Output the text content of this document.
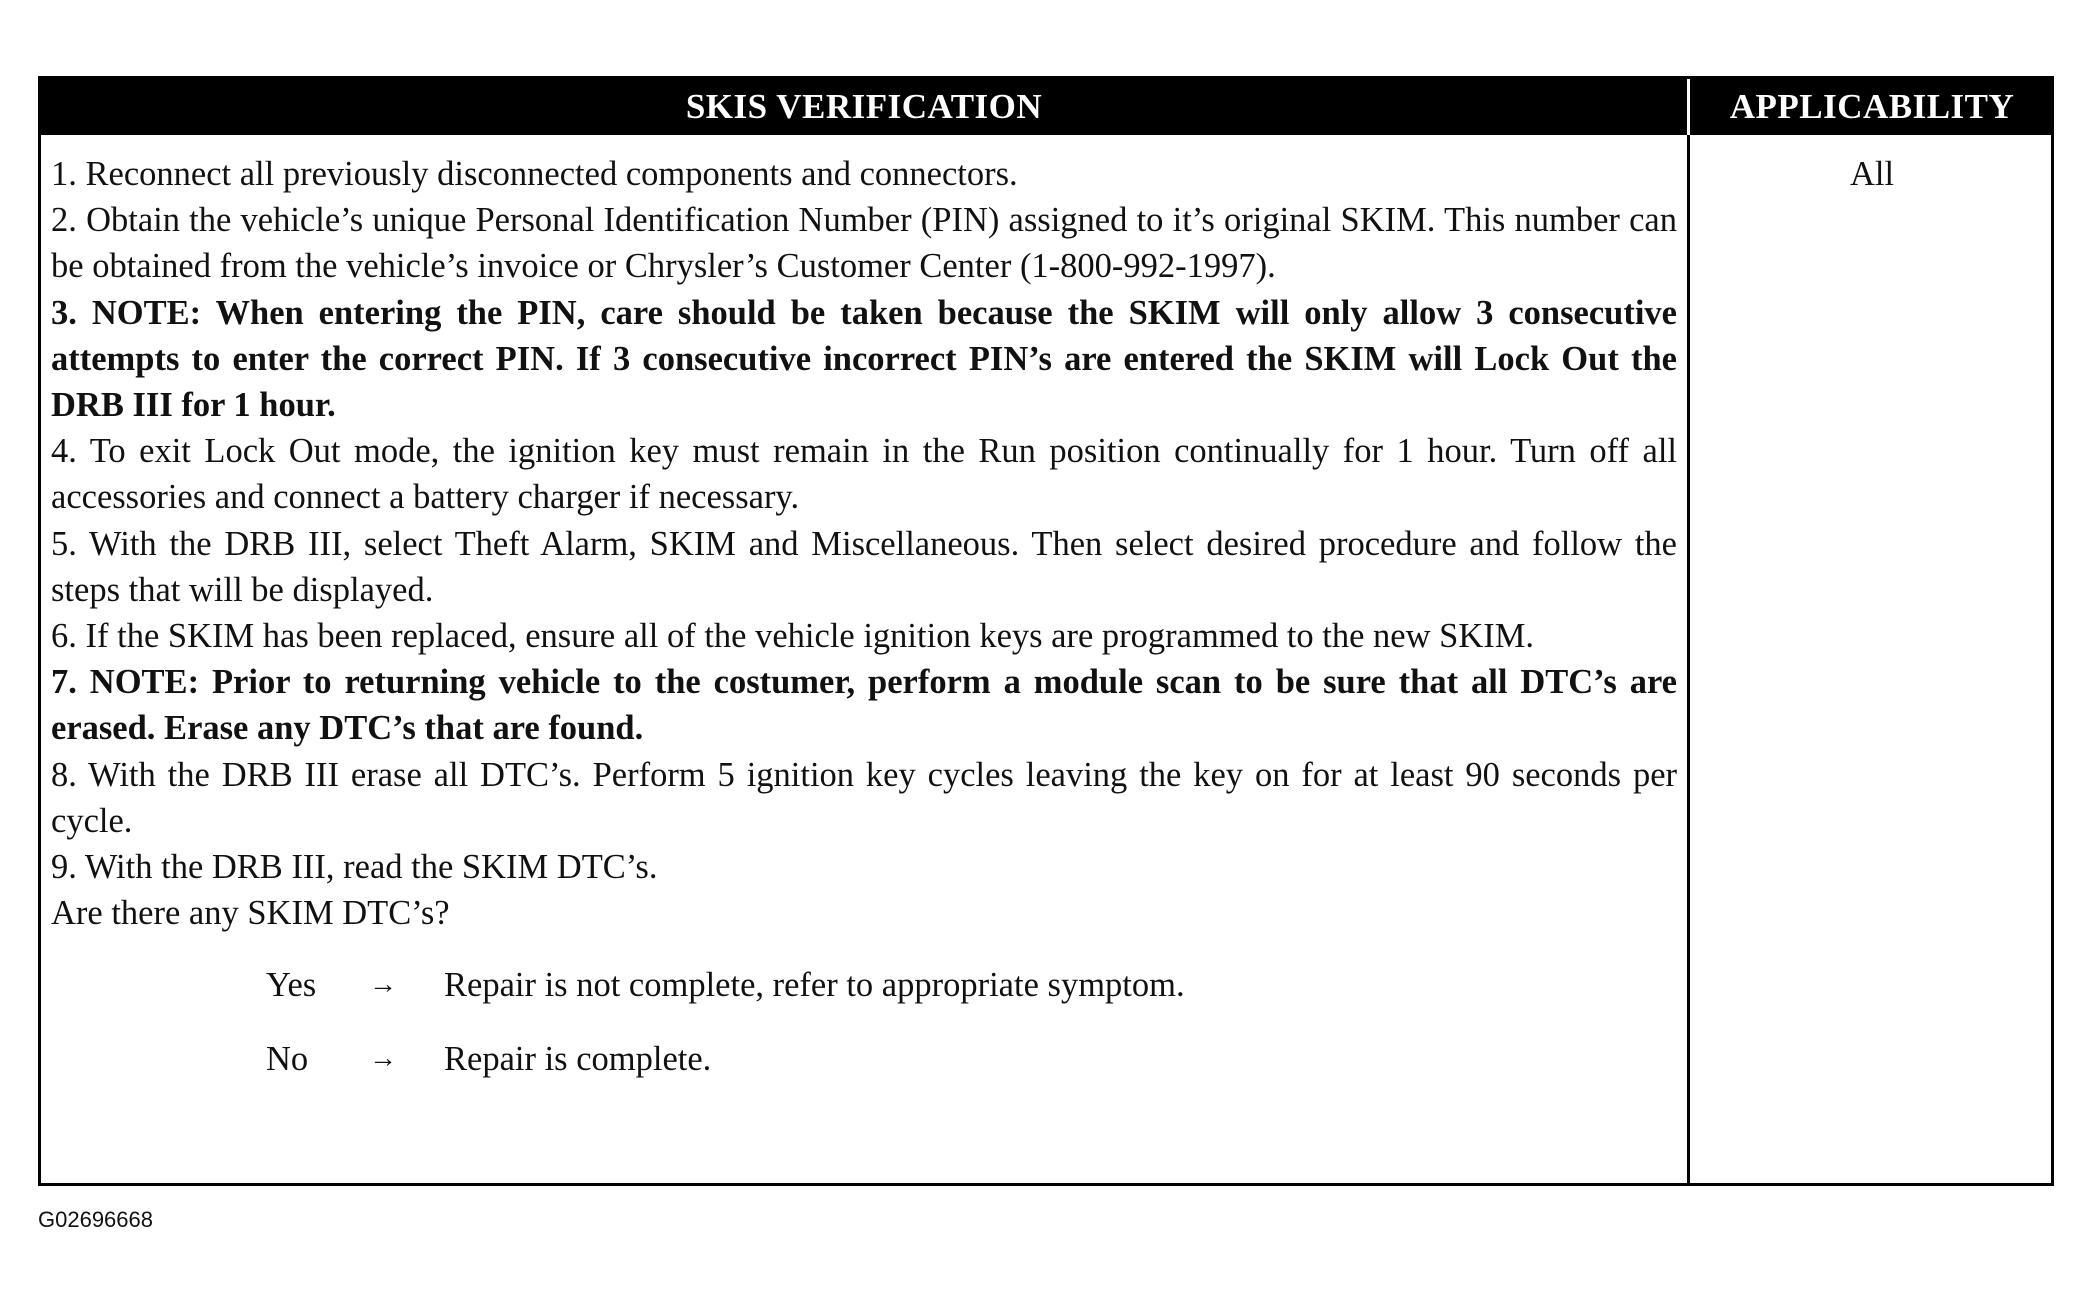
SKIS VERIFICATION	APPLICABILITY

1. Reconnect all previously disconnected components and connectors.

2. Obtain the vehicle’s unique Personal Identification Number (PIN) assigned to it’s original SKIM. This number can be obtained from the vehicle’s invoice or Chrysler’s Customer Center (1-800-992-1997).

3. NOTE: When entering the PIN, care should be taken because the SKIM will only allow 3 consecutive attempts to enter the correct PIN. If 3 consecutive incorrect PIN’s are entered the SKIM will Lock Out the DRB III for 1 hour.

4. To exit Lock Out mode, the ignition key must remain in the Run position continually for 1 hour. Turn off all accessories and connect a battery charger if necessary.

5. With the DRB III, select Theft Alarm, SKIM and Miscellaneous. Then select desired procedure and follow the steps that will be displayed.

6. If the SKIM has been replaced, ensure all of the vehicle ignition keys are programmed to the new SKIM.

7. NOTE: Prior to returning vehicle to the costumer, perform a module scan to be sure that all DTC’s are erased. Erase any DTC’s that are found.

8. With the DRB III erase all DTC’s. Perform 5 ignition key cycles leaving the key on for at least 90 seconds per cycle.

9. With the DRB III, read the SKIM DTC’s.

Are there any SKIM DTC’s?

Yes → Repair is not complete, refer to appropriate symptom.
No → Repair is complete.
All
G02696668
